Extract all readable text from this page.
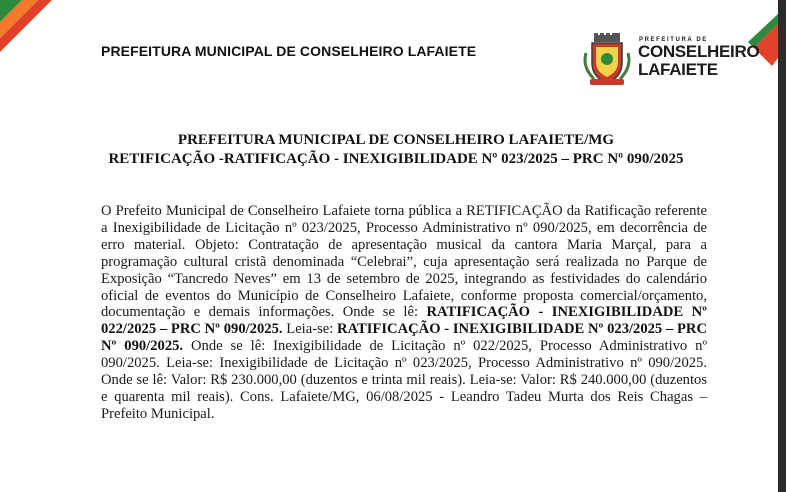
PREFEITURA MUNICIPAL DE CONSELHEIRO LAFAIETE
PREFEITURA DE
CONSELHEIRO
LAFAIETE
PREFEITURA MUNICIPAL DE CONSELHEIRO LAFAIETE/MG
RETIFICAÇÃO -RATIFICAÇÃO - INEXIGIBILIDADE Nº 023/2025 – PRC Nº 090/2025
O Prefeito Municipal de Conselheiro Lafaiete torna pública a RETIFICAÇÃO da Ratificação referente a Inexigibilidade de Licitação nº 023/2025, Processo Administrativo nº 090/2025, em decorrência de erro material. Objeto: Contratação de apresentação musical da cantora Maria Marçal, para a programação cultural cristã denominada “Celebrai”, cuja apresentação será realizada no Parque de Exposição “Tancredo Neves” em 13 de setembro de 2025, integrando as festividades do calendário oficial de eventos do Município de Conselheiro Lafaiete, conforme proposta comercial/orçamento, documentação e demais informações. Onde se lê: RATIFICAÇÃO - INEXIGIBILIDADE Nº 022/2025 – PRC Nº 090/2025. Leia-se: RATIFICAÇÃO - INEXIGIBILIDADE Nº 023/2025 – PRC Nº 090/2025. Onde se lê: Inexigibilidade de Licitação nº 022/2025, Processo Administrativo nº 090/2025. Leia-se: Inexigibilidade de Licitação nº 023/2025, Processo Administrativo nº 090/2025. Onde se lê: Valor: R$ 230.000,00 (duzentos e trinta mil reais). Leia-se: Valor: R$ 240.000,00 (duzentos e quarenta mil reais). Cons. Lafaiete/MG, 06/08/2025 - Leandro Tadeu Murta dos Reis Chagas – Prefeito Municipal.
